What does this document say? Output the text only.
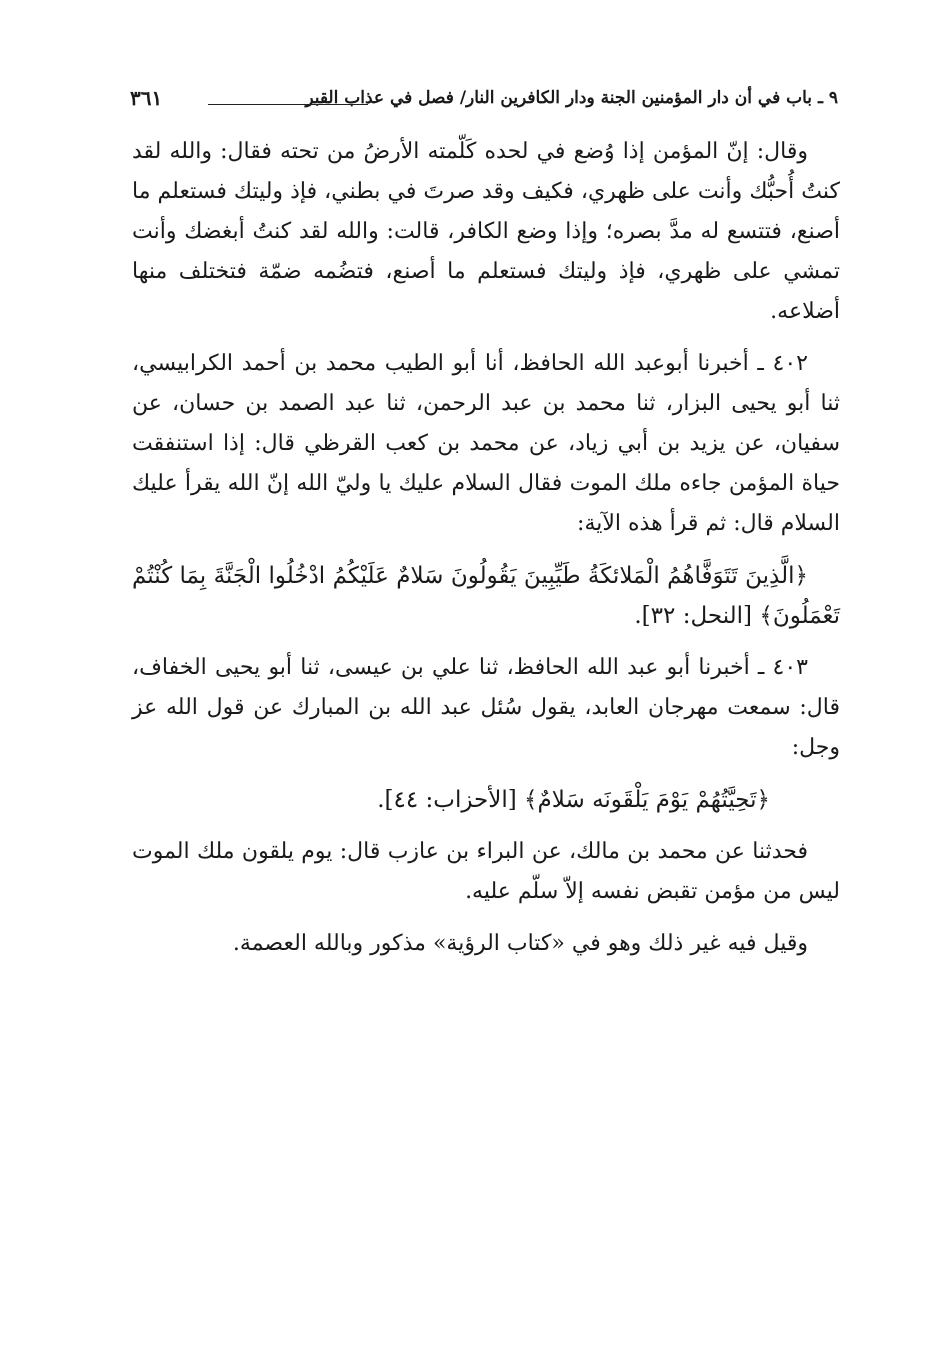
٩ ـ باب في أن دار المؤمنين الجنة ودار الكافرين النار/ فصل في عذاب القبر
٣٦١

وقال: إنّ المؤمن إذا وُضع في لحده كَلّمته الأرضُ من تحته فقال: والله لقد كنتُ أُحبُّك وأنت على ظهري، فكيف وقد صرتَ في بطني، فإذ وليتك فستعلم ما أصنع، فتتسع له مدَّ بصره؛ وإذا وضع الكافر، قالت: والله لقد كنتُ أبغضك وأنت تمشي على ظهري، فإذ وليتك فستعلم ما أصنع، فتضُمه ضمّة فتختلف منها أضلاعه.

٤٠٢ ـ أخبرنا أبوعبد الله الحافظ، أنا أبو الطيب محمد بن أحمد الكرابيسي، ثنا أبو يحيى البزار، ثنا محمد بن عبد الرحمن، ثنا عبد الصمد بن حسان، عن سفيان، عن يزيد بن أبي زياد، عن محمد بن كعب القرظي قال: إذا استنفقت حياة المؤمن جاءه ملك الموت فقال السلام عليك يا وليّ الله إنّ الله يقرأ عليك السلام قال: ثم قرأ هذه الآية:

﴿الَّذِينَ تَتَوَفَّاهُمُ الْمَلائكَةُ طَيِّبِينَ يَقُولُونَ سَلامٌ عَلَيْكُمُ ادْخُلُوا الْجَنَّةَ بِمَا كُنْتُمْ تَعْمَلُونَ﴾ [النحل: ٣٢].

٤٠٣ ـ أخبرنا أبو عبد الله الحافظ، ثنا علي بن عيسى، ثنا أبو يحيى الخفاف، قال: سمعت مهرجان العابد، يقول سُئل عبد الله بن المبارك عن قول الله عز وجل:

﴿تَحِيَّتُهُمْ يَوْمَ يَلْقَونَه سَلامٌ﴾ [الأحزاب: ٤٤].

فحدثنا عن محمد بن مالك، عن البراء بن عازب قال: يوم يلقون ملك الموت ليس من مؤمن تقبض نفسه إلاّ سلّم عليه.

وقيل فيه غير ذلك وهو في «كتاب الرؤية» مذكور وبالله العصمة.
